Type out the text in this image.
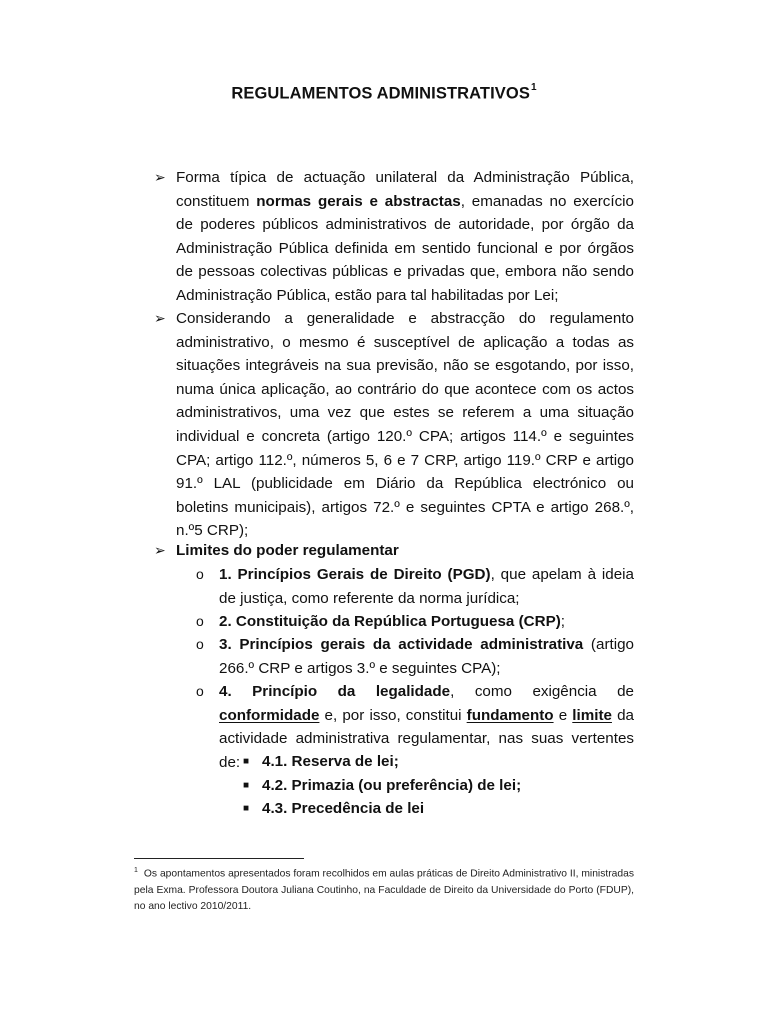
REGULAMENTOS ADMINISTRATIVOS$^1$
➢ Forma típica de actuação unilateral da Administração Pública, constituem normas gerais e abstractas, emanadas no exercício de poderes públicos administrativos de autoridade, por órgão da Administração Pública definida em sentido funcional e por órgãos de pessoas colectivas públicas e privadas que, embora não sendo Administração Pública, estão para tal habilitadas por Lei;
➢ Considerando a generalidade e abstracção do regulamento administrativo, o mesmo é susceptível de aplicação a todas as situações integráveis na sua previsão, não se esgotando, por isso, numa única aplicação, ao contrário do que acontece com os actos administrativos, uma vez que estes se referem a uma situação individual e concreta (artigo 120.º CPA; artigos 114.º e seguintes CPA; artigo 112.º, números 5, 6 e 7 CRP, artigo 119.º CRP e artigo 91.º LAL (publicidade em Diário da República electrónico ou boletins municipais), artigos 72.º e seguintes CPTA e artigo 268.º, n.º5 CRP);
➢ Limites do poder regulamentar
o 1. Princípios Gerais de Direito (PGD), que apelam à ideia de justiça, como referente da norma jurídica;
o 2. Constituição da República Portuguesa (CRP);
o 3. Princípios gerais da actividade administrativa (artigo 266.º CRP e artigos 3.º e seguintes CPA);
o 4. Princípio da legalidade, como exigência de conformidade e, por isso, constitui fundamento e limite da actividade administrativa regulamentar, nas suas vertentes de: ■ 4.1. Reserva de lei;
■ 4.2. Primazia (ou preferência) de lei;
■ 4.3. Precedência de lei
$^1$ Os apontamentos apresentados foram recolhidos em aulas práticas de Direito Administrativo II, ministradas pela Exma. Professora Doutora Juliana Coutinho, na Faculdade de Direito da Universidade do Porto (FDUP), no ano lectivo 2010/2011.
